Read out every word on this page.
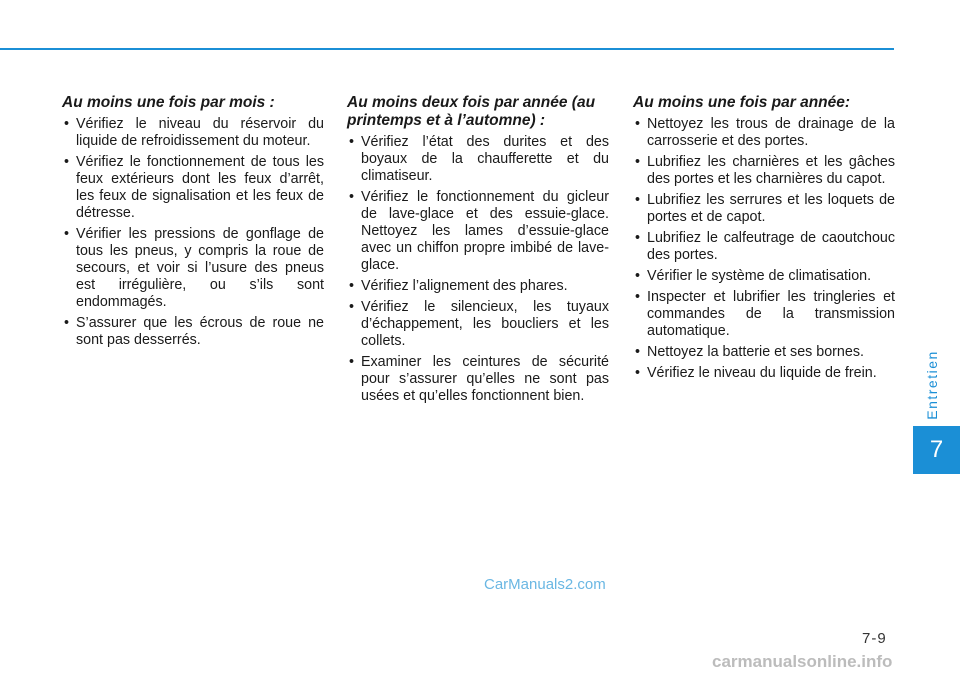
Au moins une fois par mois :
• Vérifiez le niveau du réservoir du liquide de refroidissement du moteur.
• Vérifiez le fonctionnement de tous les feux extérieurs dont les feux d’arrêt, les feux de signalisation et les feux de détresse.
• Vérifier les pressions de gonflage de tous les pneus, y compris la roue de secours, et voir si l’usure des pneus est irrégulière, ou s’ils sont endommagés.
• S’assurer que les écrous de roue ne sont pas desserrés.
Au moins deux fois par année (au printemps et à l’automne) :
• Vérifiez l’état des durites et des boyaux de la chaufferette et du climatiseur.
• Vérifiez le fonctionnement du gicleur de lave-glace et des essuie-glace. Nettoyez les lames d’essuie-glace avec un chiffon propre imbibé de lave-glace.
• Vérifiez l’alignement des phares.
• Vérifiez le silencieux, les tuyaux d’échappement, les boucliers et les collets.
• Examiner les ceintures de sécurité pour s’assurer qu’elles ne sont pas usées et qu’elles fonctionnent bien.
Au moins une fois par année:
• Nettoyez les trous de drainage de la carrosserie et des portes.
• Lubrifiez les charnières et les gâches des portes et les charnières du capot.
• Lubrifiez les serrures et les loquets de portes et de capot.
• Lubrifiez le calfeutrage de caoutchouc des portes.
• Vérifier le système de climatisation.
• Inspecter et lubrifier les tringleries et commandes de la transmission automatique.
• Nettoyez la batterie et ses bornes.
• Vérifiez le niveau du liquide de frein.	Entretien
7
CarManuals2.com
7-9
carmanualsonline.info
